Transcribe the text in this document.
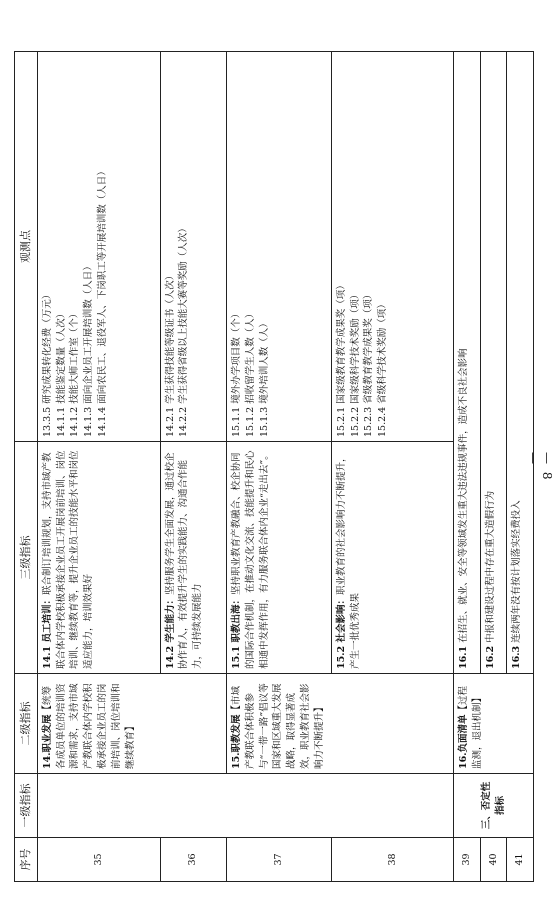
序号	一级指标	二级指标	三级指标	观测点
35		14.职业发展【统筹各成员单位的培训资源和需求，支持市域产教联合体内学校积极承接企业员工的岗前培训、岗位培训和继续教育】	14.1 员工培训：联合制订培训规划，支持市域产教联合体内学校积极承接企业员工开展岗前培训、岗位培训、继续教育等，提升企业员工的技能水平和岗位适应能力，培训效果好	13.3.5 研究成果转化经费（万元） 14.1.1 技能鉴定数量（人次） 14.1.2 技能大师工作室（个） 14.1.3 面向企业员工开展培训数（人日） 14.1.4 面向农民工、退役军人、下岗职工等开展培训数（人日）

36			14.2 学生能力：坚持服务学生全面发展，通过校企协作育人，有效提升学生的实践能力、沟通合作能力，可持续发展能力	14.2.1 学生获得技能等级证书（人次） 14.2.2 学生获得省级以上技能大赛等奖励（人次）

37		15.职教发展【市域产教联合体积极参与“一带一路”倡议等国家和区域重大发展战略，取得显著成效，职业教育社会影响力不断提升】	15.1 职教出海：坚持职业教育产教融合、校企协同的国际合作机制，在推动文化交流、技能提升和民心相通中发挥作用，有力服务联合体内企业“走出去”。	15.1.1 境外办学项目数（个） 15.1.2 招收留学生人数（人） 15.1.3 境外培训人数（人）

38			15.2 社会影响：职业教育的社会影响力不断提升，产生一批优秀成果	15.2.1 国家级教育教学成果奖（项） 15.2.2 国家级科学技术奖励（项） 15.2.3 省级教育教学成果奖（项） 15.2.4 省级科学技术奖励（项）

39	三、否定性指标	16.负面清单【过程监测，退出机制】	16.1 在招生、就业、安全等领域发生重大违法违规事件，造成不良社会影响	
40			16.2 中报和建设过程中存在重大造假行为	
41			16.3 连续两年没有按计划落实经费投入	
— 8 —
